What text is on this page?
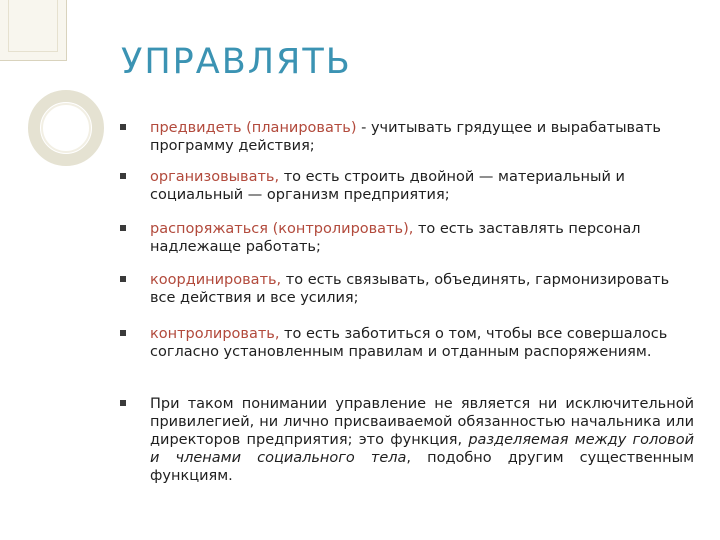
УПРАВЛЯТЬ
предвидеть (планировать) - учитывать грядущее и вырабатывать программу действия;
организовывать, то есть строить двойной — материальный и социальный — организм предприятия;
распоряжаться (контролировать), то есть заставлять персонал надлежаще работать;
координировать, то есть связывать, объединять, гармонизировать все действия и все усилия;
контролировать, то есть заботиться о том, чтобы все совершалось согласно установленным правилам и отданным распоряжениям.
При таком понимании управление не является ни исключительной привилегией, ни лично присваиваемой обязанностью начальника или директоров предприятия; это функция, разделяемая между головой и членами социального тела, подобно другим существенным функциям.
